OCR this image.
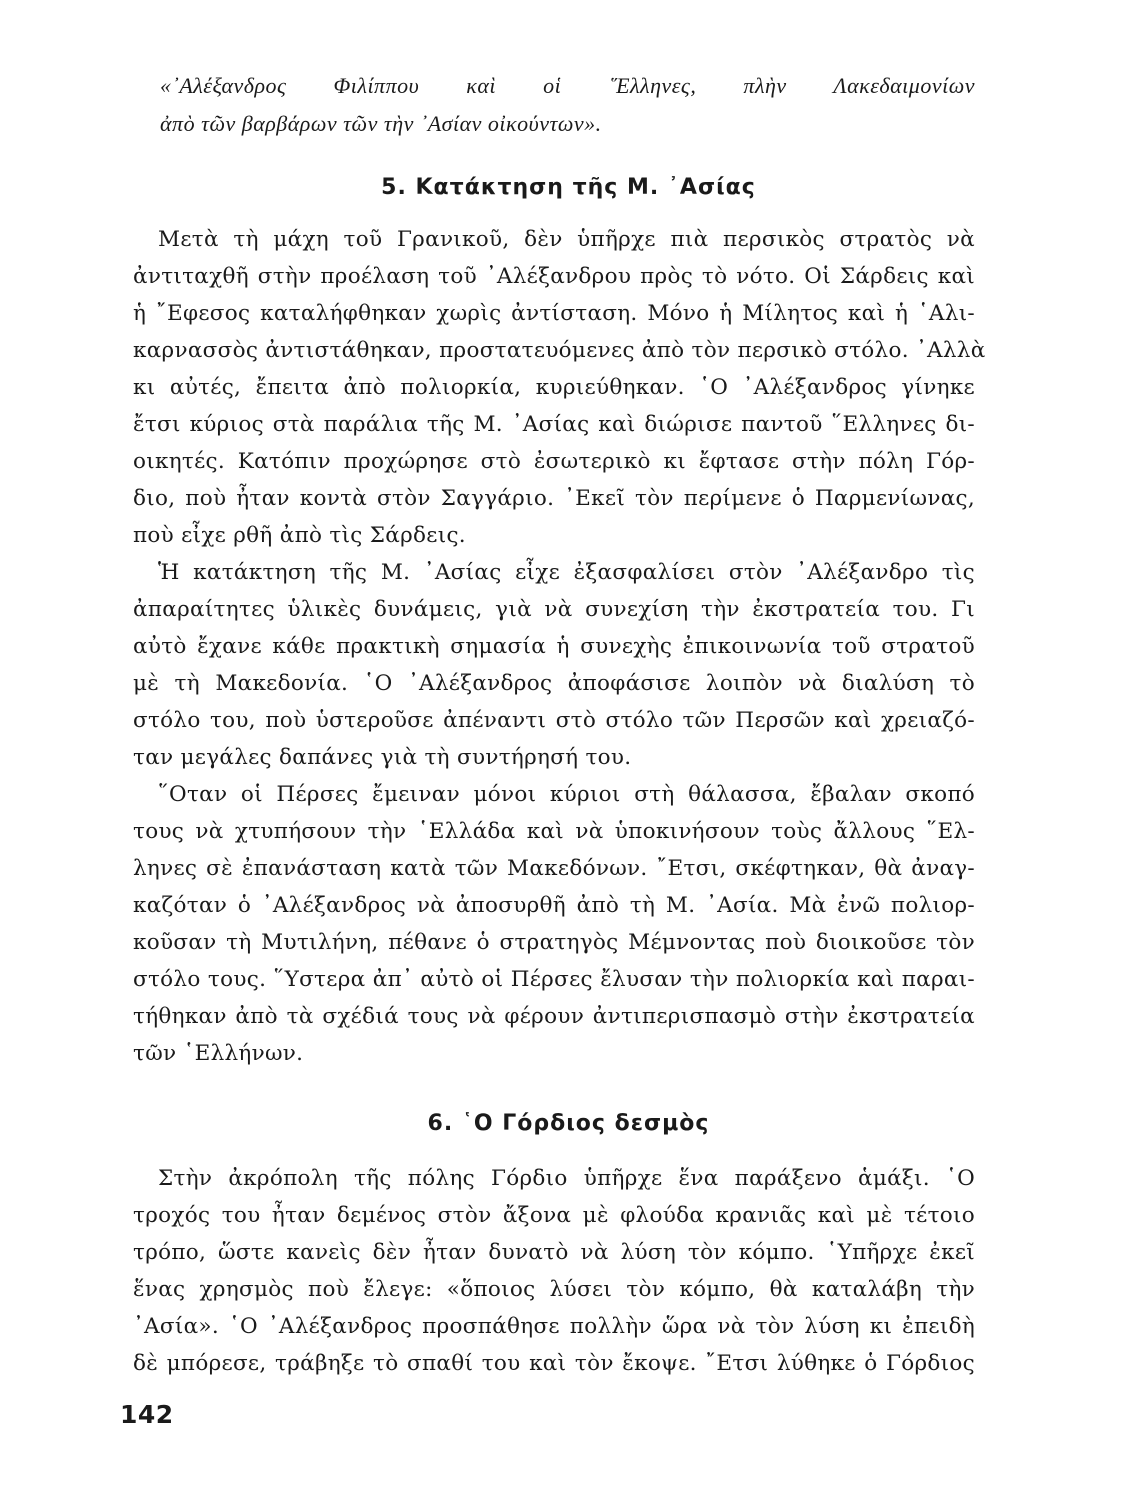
«᾽Αλέξανδρος Φιλίππου καὶ οἱ ῞Ελληνες, πλὴν Λακεδαιμονίων
ἀπὸ τῶν βαρβάρων τῶν τὴν ᾽Ασίαν οἰκούντων».
5. Κατάκτηση τῆς Μ. ᾽Ασίας
Μετὰ τὴ μάχη τοῦ Γρανικοῦ, δὲν ὑπῆρχε πιὰ περσικὸς στρατὸς νὰ
ἀντιταχθῆ στὴν προέλαση τοῦ ᾽Αλέξανδρου πρὸς τὸ νότο. Οἱ Σάρδεις καὶ
ἡ ῎Εφεσος καταλήφθηκαν χωρὶς ἀντίσταση. Μόνο ἡ Μίλητος καὶ ἡ ῾Αλι-
καρνασσὸς ἀντιστάθηκαν, προστατευόμενες ἀπὸ τὸν περσικὸ στόλο. ᾽Αλλὰ
κι αὐτές, ἔπειτα ἀπὸ πολιορκία, κυριεύθηκαν. ῾Ο ᾽Αλέξανδρος γίνηκε
ἔτσι κύριος στὰ παράλια τῆς Μ. ᾽Ασίας καὶ διώρισε παντοῦ ῞Ελληνες δι-
οικητές. Κατόπιν προχώρησε στὸ ἐσωτερικὸ κι ἔφτασε στὴν πόλη Γόρ-
διο, ποὺ ἦταν κοντὰ στὸν Σαγγάριο. ᾽Εκεῖ τὸν περίμενε ὁ Παρμενίωνας,
ποὺ εἶχε ρθῆ ἀπὸ τὶς Σάρδεις.
Ἡ κατάκτηση τῆς Μ. ᾽Ασίας εἶχε ἐξασφαλίσει στὸν ᾽Αλέξανδρο τὶς
ἀπαραίτητες ὑλικὲς δυνάμεις, γιὰ νὰ συνεχίση τὴν ἐκστρατεία του. Γι
αὐτὸ ἔχανε κάθε πρακτικὴ σημασία ἡ συνεχὴς ἐπικοινωνία τοῦ στρατοῦ
μὲ τὴ Μακεδονία. ῾Ο ᾽Αλέξανδρος ἀποφάσισε λοιπὸν νὰ διαλύση τὸ
στόλο του, ποὺ ὑστεροῦσε ἀπέναντι στὸ στόλο τῶν Περσῶν καὶ χρειαζό-
ταν μεγάλες δαπάνες γιὰ τὴ συντήρησή του.
῞Οταν οἱ Πέρσες ἔμειναν μόνοι κύριοι στὴ θάλασσα, ἔβαλαν σκοπό
τους νὰ χτυπήσουν τὴν ῾Ελλάδα καὶ νὰ ὑποκινήσουν τοὺς ἄλλους ῞Ελ-
ληνες σὲ ἐπανάσταση κατὰ τῶν Μακεδόνων. ῎Ετσι, σκέφτηκαν, θὰ ἀναγ-
καζόταν ὁ ᾽Αλέξανδρος νὰ ἀποσυρθῆ ἀπὸ τὴ Μ. ᾽Ασία. Μὰ ἐνῶ πολιορ-
κοῦσαν τὴ Μυτιλήνη, πέθανε ὁ στρατηγὸς Μέμνοντας ποὺ διοικοῦσε τὸν
στόλο τους. ῞Υστερα ἀπ᾽ αὐτὸ οἱ Πέρσες ἔλυσαν τὴν πολιορκία καὶ παραι-
τήθηκαν ἀπὸ τὰ σχέδιά τους νὰ φέρουν ἀντιπερισπασμὸ στὴν ἐκστρατεία
τῶν ῾Ελλήνων.
6. ῾Ο Γόρδιος δεσμὸς
Στὴν ἀκρόπολη τῆς πόλης Γόρδιο ὑπῆρχε ἕνα παράξενο ἁμάξι. ῾Ο
τροχός του ἦταν δεμένος στὸν ἄξονα μὲ φλούδα κρανιᾶς καὶ μὲ τέτοιο
τρόπο, ὥστε κανεὶς δὲν ἦταν δυνατὸ νὰ λύση τὸν κόμπο. ῾Υπῆρχε ἐκεῖ
ἕνας χρησμὸς ποὺ ἔλεγε: «ὅποιος λύσει τὸν κόμπο, θὰ καταλάβη τὴν
᾽Ασία». ῾Ο ᾽Αλέξανδρος προσπάθησε πολλὴν ὥρα νὰ τὸν λύση κι ἐπειδὴ
δὲ μπόρεσε, τράβηξε τὸ σπαθί του καὶ τὸν ἔκοψε. ῎Ετσι λύθηκε ὁ Γόρδιος
142
